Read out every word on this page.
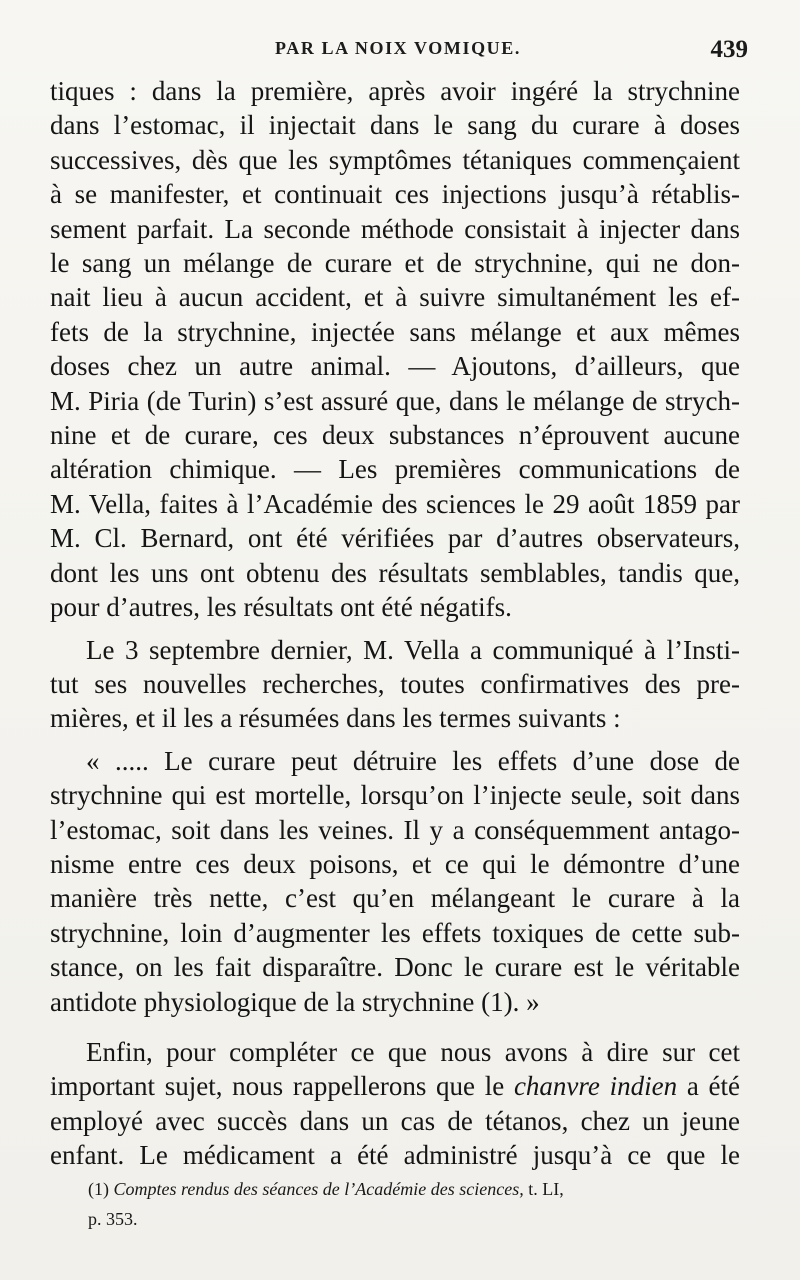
PAR LA NOIX VOMIQUE.	439
tiques : dans la première, après avoir ingéré la strychnine
dans l’estomac, il injectait dans le sang du curare à doses
successives, dès que les symptômes tétaniques commençaient
à se manifester, et continuait ces injections jusqu’à rétablis-
sement parfait. La seconde méthode consistait à injecter dans
le sang un mélange de curare et de strychnine, qui ne don-
nait lieu à aucun accident, et à suivre simultanément les ef-
fets de la strychnine, injectée sans mélange et aux mêmes
doses chez un autre animal. — Ajoutons, d’ailleurs, que
M. Piria (de Turin) s’est assuré que, dans le mélange de strych-
nine et de curare, ces deux substances n’éprouvent aucune
altération chimique. — Les premières communications de
M. Vella, faites à l’Académie des sciences le 29 août 1859 par
M. Cl. Bernard, ont été vérifiées par d’autres observateurs,
dont les uns ont obtenu des résultats semblables, tandis que,
pour d’autres, les résultats ont été négatifs.
Le 3 septembre dernier, M. Vella a communiqué à l’Insti-
tut ses nouvelles recherches, toutes confirmatives des pre-
mières, et il les a résumées dans les termes suivants :
« ..... Le curare peut détruire les effets d’une dose de
strychnine qui est mortelle, lorsqu’on l’injecte seule, soit dans
l’estomac, soit dans les veines. Il y a conséquemment antago-
nisme entre ces deux poisons, et ce qui le démontre d’une
manière très nette, c’est qu’en mélangeant le curare à la
strychnine, loin d’augmenter les effets toxiques de cette sub-
stance, on les fait disparaître. Donc le curare est le véritable
antidote physiologique de la strychnine (1). »
Enfin, pour compléter ce que nous avons à dire sur cet
important sujet, nous rappellerons que le chanvre indien a été
employé avec succès dans un cas de tétanos, chez un jeune
enfant. Le médicament a été administré jusqu’à ce que le
(1) Comptes rendus des séances de l’Académie des sciences, t. LI,
p. 353.
